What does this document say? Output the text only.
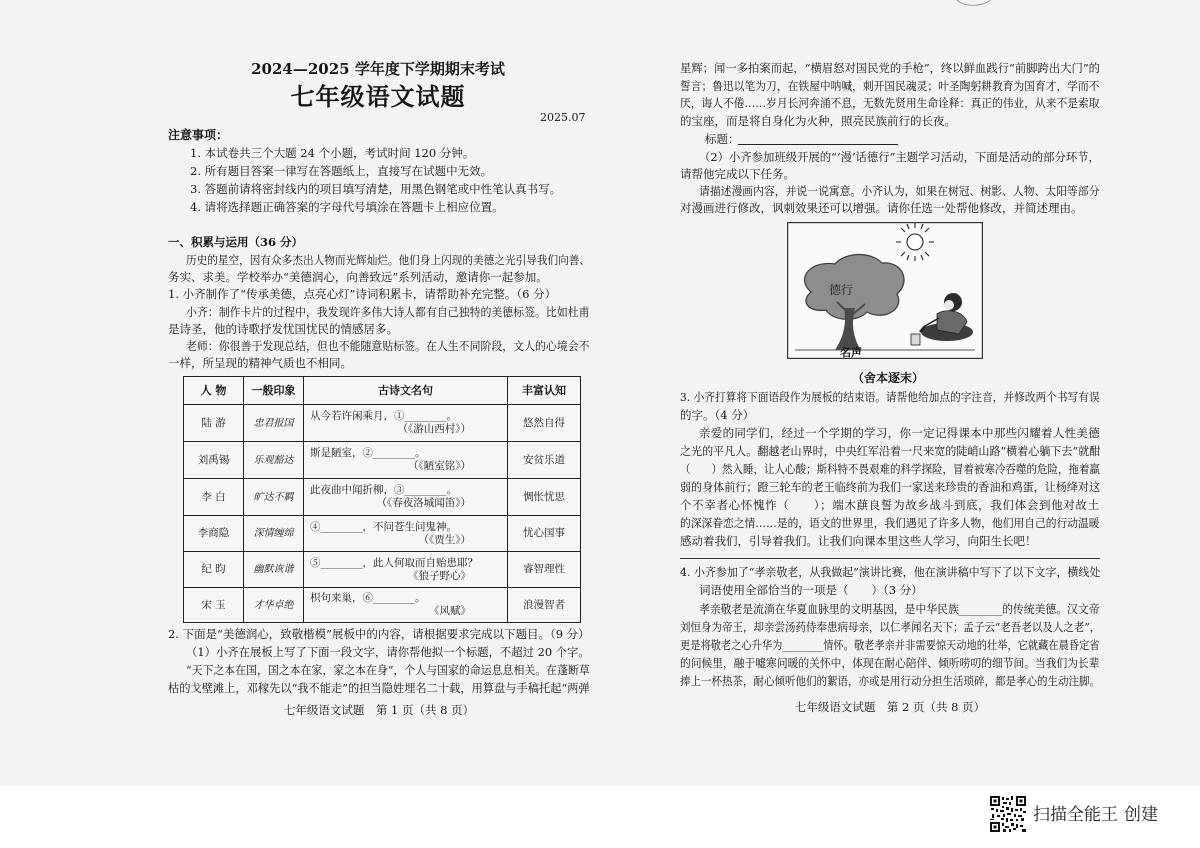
2024—2025 学年度下学期期末考试
七年级语文试题
2025.07
注意事项：
1. 本试卷共三个大题 24 个小题，考试时间 120 分钟。
2. 所有题目答案一律写在答题纸上，直接写在试题中无效。
3. 答题前请将密封线内的项目填写清楚，用黑色钢笔或中性笔认真书写。
4. 请将选择题正确答案的字母代号填涂在答题卡上相应位置。
一、积累与运用（36 分）
历史的星空，因有众多杰出人物而光辉灿烂。他们身上闪现的美德之光引导我们向善、
务实、求美。学校举办“美德润心，向善致远”系列活动，邀请你一起参加。
1. 小齐制作了“传承美德，点亮心灯”诗词积累卡，请帮助补充完整。（6 分）
小齐：制作卡片的过程中，我发现许多伟大诗人都有自己独特的美德标签。比如杜甫
是诗圣，他的诗歌抒发忧国忧民的情感居多。
老师：你很善于发现总结，但也不能随意贴标签。在人生不同阶段，文人的心境会不
一样，所呈现的精神气质也不相同。
人 物	一般印象	古诗文名句	丰富认知
陆 游	忠君报国	从今若许闲乘月，①________。
（《游山西村》）	悠然自得
刘禹锡	乐观豁达	斯是陋室，②________。
（《陋室铭》）	安贫乐道
李 白	旷达不羁	此夜曲中闻折柳，③________。
（《春夜洛城闻笛》）	惆怅忧思
李商隐	深情缠绵	④________，不问苍生问鬼神。
（《贾生》）	忧心国事
纪 昀	幽默诙谐	⑤________，此人何取而自贻患耶？
《狼子野心》	睿智理性
宋 玉	才华卓绝	枳句来巢，⑥________。
《风赋》	浪漫智者
2. 下面是“美德润心，致敬楷模”展板中的内容，请根据要求完成以下题目。（9 分）
（1）小齐在展板上写了下面一段文字，请你帮他拟一个标题，不超过 20 个字。
“天下之本在国，国之本在家，家之本在身”，个人与国家的命运息息相关。在蓬断草
枯的戈壁滩上，邓稼先以“我不能走”的担当隐姓埋名二十载，用算盘与手稿托起“两弹
七年级语文试题　第 1 页（共 8 页）
星辉；闻一多拍案而起，“横眉怒对国民党的手枪”，终以鲜血践行“前脚跨出大门”的
誓言；鲁迅以笔为刀，在铁屋中呐喊，刺开国民魂灵；叶圣陶躬耕教育为国育才，学而不
厌，诲人不倦……岁月长河奔涌不息，无数先贤用生命诠释：真正的伟业，从来不是索取
的宝座，而是将自身化为火种，照亮民族前行的长夜。
标题：
（2）小齐参加班级开展的“‘漫’话德行”主题学习活动，下面是活动的部分环节，
请帮他完成以下任务。
请描述漫画内容，并说一说寓意。小齐认为，如果在树冠、树影、人物、太阳等部分
对漫画进行修改，讽刺效果还可以增强。请你任选一处帮他修改，并简述理由。
德行
名声
（舍本逐末）
3. 小齐打算将下面语段作为展板的结束语。请帮他给加点的字注音，并修改两个书写有误
的字。（4 分）
亲爱的同学们，经过一个学期的学习，你一定记得课本中那些闪耀着人性美德
之光的平凡人。翻越老山界时，中央红军沿着一尺来宽的陡峭山路“横着心躺下去”就酣
（　　）然入睡，让人心酸；斯科特不畏艰难的科学探险，冒着被寒冷吞噬的危险，拖着羸
弱的身体前行；蹬三轮车的老王临终前为我们一家送来珍贵的香油和鸡蛋，让杨绛对这
个不幸者心怀愧怍（　　）；端木蕻良誓为故乡战斗到底，我们体会到他对故土
的深深眷恋之情……是的，语文的世界里，我们遇见了许多人物，他们用自己的行动温暖
感动着我们，引导着我们。让我们向课本里这些人学习，向阳生长吧！
4. 小齐参加了“孝亲敬老，从我做起”演讲比赛，他在演讲稿中写下了以下文字，横线处
词语使用全部恰当的一项是（　　）（3 分）
孝亲敬老是流淌在华夏血脉里的文明基因，是中华民族________的传统美德。汉文帝
刘恒身为帝王，却亲尝汤药侍奉患病母亲，以仁孝闻名天下；孟子云“老吾老以及人之老”，
更是将敬老之心升华为________情怀。敬老孝亲并非需要惊天动地的壮举，它就藏在晨昏定省
的问候里，融于嘘寒问暖的关怀中，体现在耐心陪伴、倾听唠叨的细节间。当我们为长辈
捧上一杯热茶，耐心倾听他们的絮语，亦或是用行动分担生活琐碎，都是孝心的生动注脚。
七年级语文试题　第 2 页（共 8 页）
扫描全能王 创建
